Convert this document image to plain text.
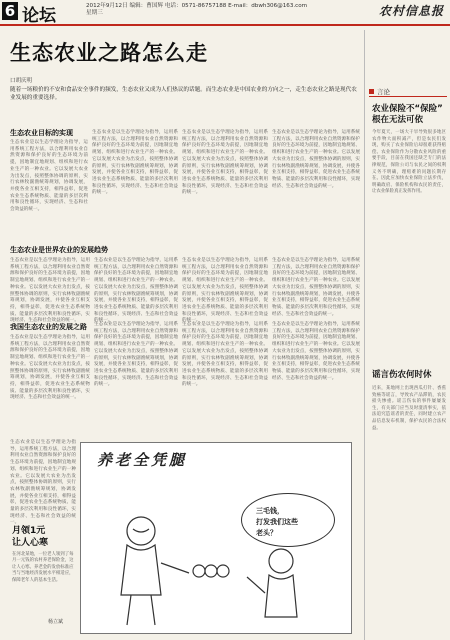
6 论坛	2012年9月12日 编辑：曹国辉 电话：0571-86757188 E-mail：dbwh306@163.com
星期三	农村信息报
生态农业之路怎么走
口胡庆明
随着一场粮价的不安和食品安全事件的频发，生态农业又成为人们热议的话题。而生态农业是中国农业的方向之一，走生态农业之路是现代农业发展的重要选择。
生态农业目标的实现
生态农业是以生态学理论为指导，运用系统工程方法，以合理利用农业自然资源和保护良好的生态环境为前提，因地制宜地规划、组织和进行农业生产的一种农业。它以发展大农业为出发点，按照整体协调的原则，实行农林牧副渔统筹规划，协调发展，并使各业互相支持，相得益彰，促进农业生态系统物质、能量的多层次利用和良性循环，实现经济、生态和社会效益的统一。
生态农业是以生态学理论为指导，运用系统工程方法，以合理利用农业自然资源和保护良好的生态环境为前提，因地制宜地规划、组织和进行农业生产的一种农业。它以发展大农业为出发点，按照整体协调的原则，实行农林牧副渔统筹规划，协调发展，并使各业互相支持，相得益彰，促进农业生态系统物质、能量的多层次利用和良性循环，实现经济、生态和社会效益的统一。
生态农业是以生态学理论为指导，运用系统工程方法，以合理利用农业自然资源和保护良好的生态环境为前提，因地制宜地规划、组织和进行农业生产的一种农业。它以发展大农业为出发点，按照整体协调的原则，实行农林牧副渔统筹规划，协调发展，并使各业互相支持，相得益彰，促进农业生态系统物质、能量的多层次利用和良性循环，实现经济、生态和社会效益的统一。
生态农业是以生态学理论为指导，运用系统工程方法，以合理利用农业自然资源和保护良好的生态环境为前提，因地制宜地规划、组织和进行农业生产的一种农业。它以发展大农业为出发点，按照整体协调的原则，实行农林牧副渔统筹规划，协调发展，并使各业互相支持，相得益彰，促进农业生态系统物质、能量的多层次利用和良性循环，实现经济、生态和社会效益的统一。
生态农业是世界农业的发展趋势
生态农业是以生态学理论为指导，运用系统工程方法，以合理利用农业自然资源和保护良好的生态环境为前提，因地制宜地规划、组织和进行农业生产的一种农业。它以发展大农业为出发点，按照整体协调的原则，实行农林牧副渔统筹规划，协调发展，并使各业互相支持，相得益彰，促进农业生态系统物质、能量的多层次利用和良性循环，实现经济、生态和社会效益的统一。
生态农业是以生态学理论为指导，运用系统工程方法，以合理利用农业自然资源和保护良好的生态环境为前提，因地制宜地规划、组织和进行农业生产的一种农业。它以发展大农业为出发点，按照整体协调的原则，实行农林牧副渔统筹规划，协调发展，并使各业互相支持，相得益彰，促进农业生态系统物质、能量的多层次利用和良性循环，实现经济、生态和社会效益的统一。
生态农业是以生态学理论为指导，运用系统工程方法，以合理利用农业自然资源和保护良好的生态环境为前提，因地制宜地规划、组织和进行农业生产的一种农业。它以发展大农业为出发点，按照整体协调的原则，实行农林牧副渔统筹规划，协调发展，并使各业互相支持，相得益彰，促进农业生态系统物质、能量的多层次利用和良性循环，实现经济、生态和社会效益的统一。
生态农业是以生态学理论为指导，运用系统工程方法，以合理利用农业自然资源和保护良好的生态环境为前提，因地制宜地规划、组织和进行农业生产的一种农业。它以发展大农业为出发点，按照整体协调的原则，实行农林牧副渔统筹规划，协调发展，并使各业互相支持，相得益彰，促进农业生态系统物质、能量的多层次利用和良性循环，实现经济、生态和社会效益的统一。
我国生态农业的发展之路
生态农业是以生态学理论为指导，运用系统工程方法，以合理利用农业自然资源和保护良好的生态环境为前提，因地制宜地规划、组织和进行农业生产的一种农业。它以发展大农业为出发点，按照整体协调的原则，实行农林牧副渔统筹规划，协调发展，并使各业互相支持，相得益彰，促进农业生态系统物质、能量的多层次利用和良性循环，实现经济、生态和社会效益的统一。
生态农业是以生态学理论为指导，运用系统工程方法，以合理利用农业自然资源和保护良好的生态环境为前提，因地制宜地规划、组织和进行农业生产的一种农业。它以发展大农业为出发点，按照整体协调的原则，实行农林牧副渔统筹规划，协调发展，并使各业互相支持，相得益彰，促进农业生态系统物质、能量的多层次利用和良性循环，实现经济、生态和社会效益的统一。
生态农业是以生态学理论为指导，运用系统工程方法，以合理利用农业自然资源和保护良好的生态环境为前提，因地制宜地规划、组织和进行农业生产的一种农业。它以发展大农业为出发点，按照整体协调的原则，实行农林牧副渔统筹规划，协调发展，并使各业互相支持，相得益彰，促进农业生态系统物质、能量的多层次利用和良性循环，实现经济、生态和社会效益的统一。
生态农业是以生态学理论为指导，运用系统工程方法，以合理利用农业自然资源和保护良好的生态环境为前提，因地制宜地规划、组织和进行农业生产的一种农业。它以发展大农业为出发点，按照整体协调的原则，实行农林牧副渔统筹规划，协调发展，并使各业互相支持，相得益彰，促进农业生态系统物质、能量的多层次利用和良性循环，实现经济、生态和社会效益的统一。
生态农业是以生态学理论为指导，运用系统工程方法，以合理利用农业自然资源和保护良好的生态环境为前提，因地制宜地规划、组织和进行农业生产的一种农业。它以发展大农业为出发点，按照整体协调的原则，实行农林牧副渔统筹规划，协调发展，并使各业互相支持，相得益彰，促进农业生态系统物质、能量的多层次利用和良性循环，实现经济、生态和社会效益的统一。
月领1元
让人心寒
在河北某地，一位老人领到了每月一元钱的农村养老保险金，这让人心寒。养老金的发放标准应当与当地经济发展水平相适应，保障老年人的基本生活。
杨立斌
养老全凭腿
三毛钱，
打发我们这些
老头？
言论
农业保险不“保险”
根在无法可依
今年夏天，一场大干旱导致很多地区农作物大面积减产，但是农民们发现，购买了农业保险后却很难获得赔偿。农业保险作为分散农业风险的重要手段，目前在我国还缺乏专门的法律规范，保险公司与农民之间的权利义务不明确，理赔难的问题长期存在。因此应加快农业保险立法步伐，明确政府、保险机构和农民的责任，让农业保险真正发挥作用。
谣言伤农何时休
近来，某地网上出现西瓜打针、香蕉致癌等谣言，导致农产品滞销，农民损失惨重。谣言伤农的事件屡屡发生，有关部门应当及时澄清事实，依法追究造谣者的责任，同时建立农产品信息发布机制，保护农民的合法权益。
